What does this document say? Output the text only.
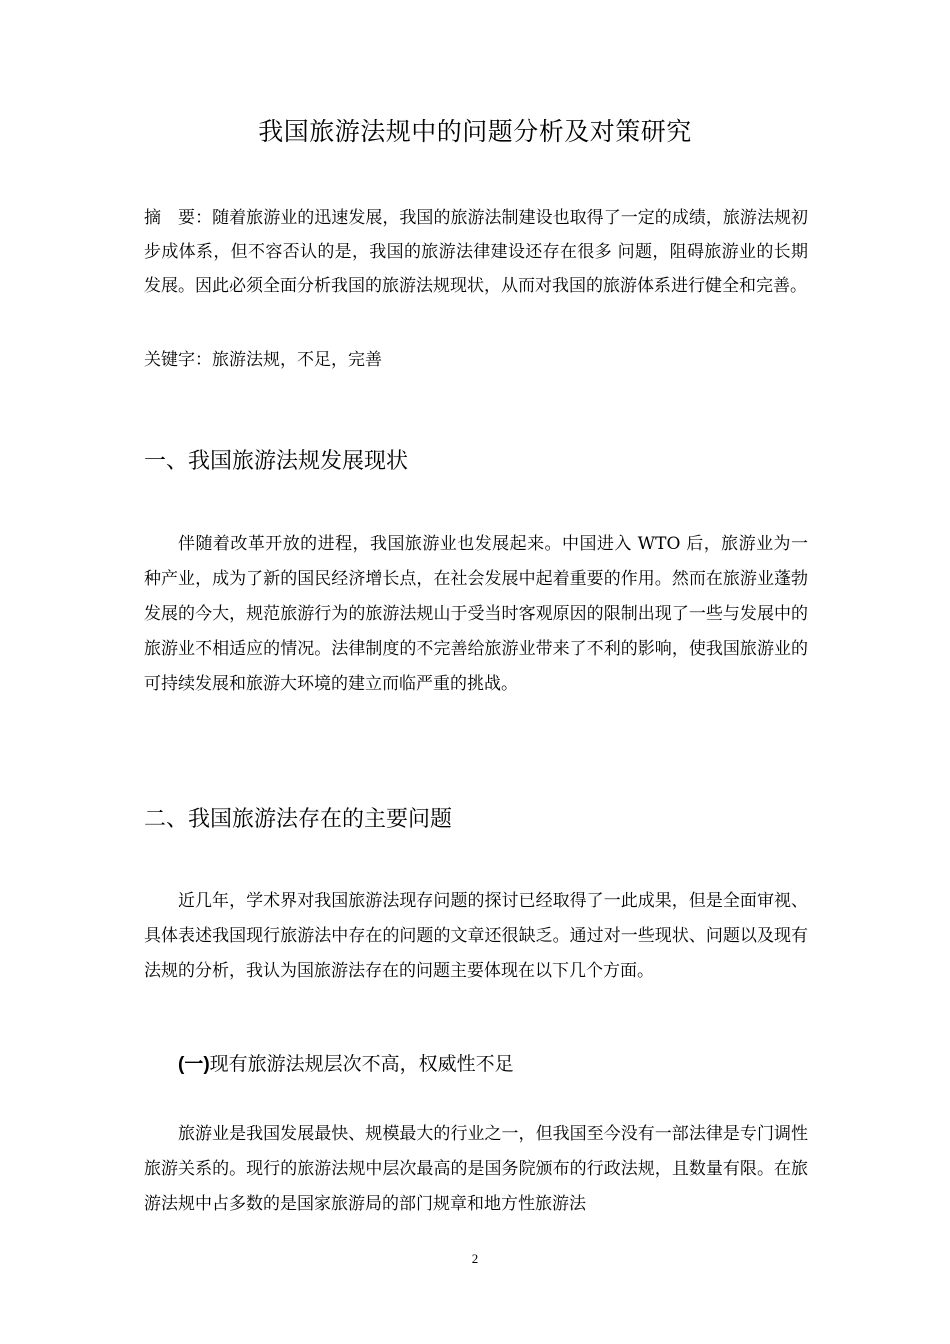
我国旅游法规中的问题分析及对策研究
摘　要：随着旅游业的迅速发展，我国的旅游法制建设也取得了一定的成绩，旅游法规初步成体系，但不容否认的是，我国的旅游法律建设还存在很多 问题，阻碍旅游业的长期发展。因此必须全面分析我国的旅游法规现状，从而对我国的旅游体系进行健全和完善。
关键字：旅游法规，不足，完善
一、我国旅游法规发展现状
伴随着改革开放的进程，我国旅游业也发展起来。中国进入 WTO 后，旅游业为一种产业，成为了新的国民经济增长点，在社会发展中起着重要的作用。然而在旅游业蓬勃发展的今大，规范旅游行为的旅游法规山于受当时客观原因的限制出现了一些与发展中的旅游业不相适应的情况。法律制度的不完善给旅游业带来了不利的影响，使我国旅游业的可持续发展和旅游大环境的建立而临严重的挑战。
二、我国旅游法存在的主要问题
近几年，学术界对我国旅游法现存问题的探讨已经取得了一此成果，但是全面审视、具体表述我国现行旅游法中存在的问题的文章还很缺乏。通过对一些现状、问题以及现有法规的分析，我认为国旅游法存在的问题主要体现在以下几个方面。
(一)现有旅游法规层次不高，权威性不足
旅游业是我国发展最快、规模最大的行业之一，但我国至今没有一部法律是专门调性旅游关系的。现行的旅游法规中层次最高的是国务院颁布的行政法规，且数量有限。在旅游法规中占多数的是国家旅游局的部门规章和地方性旅游法
2
